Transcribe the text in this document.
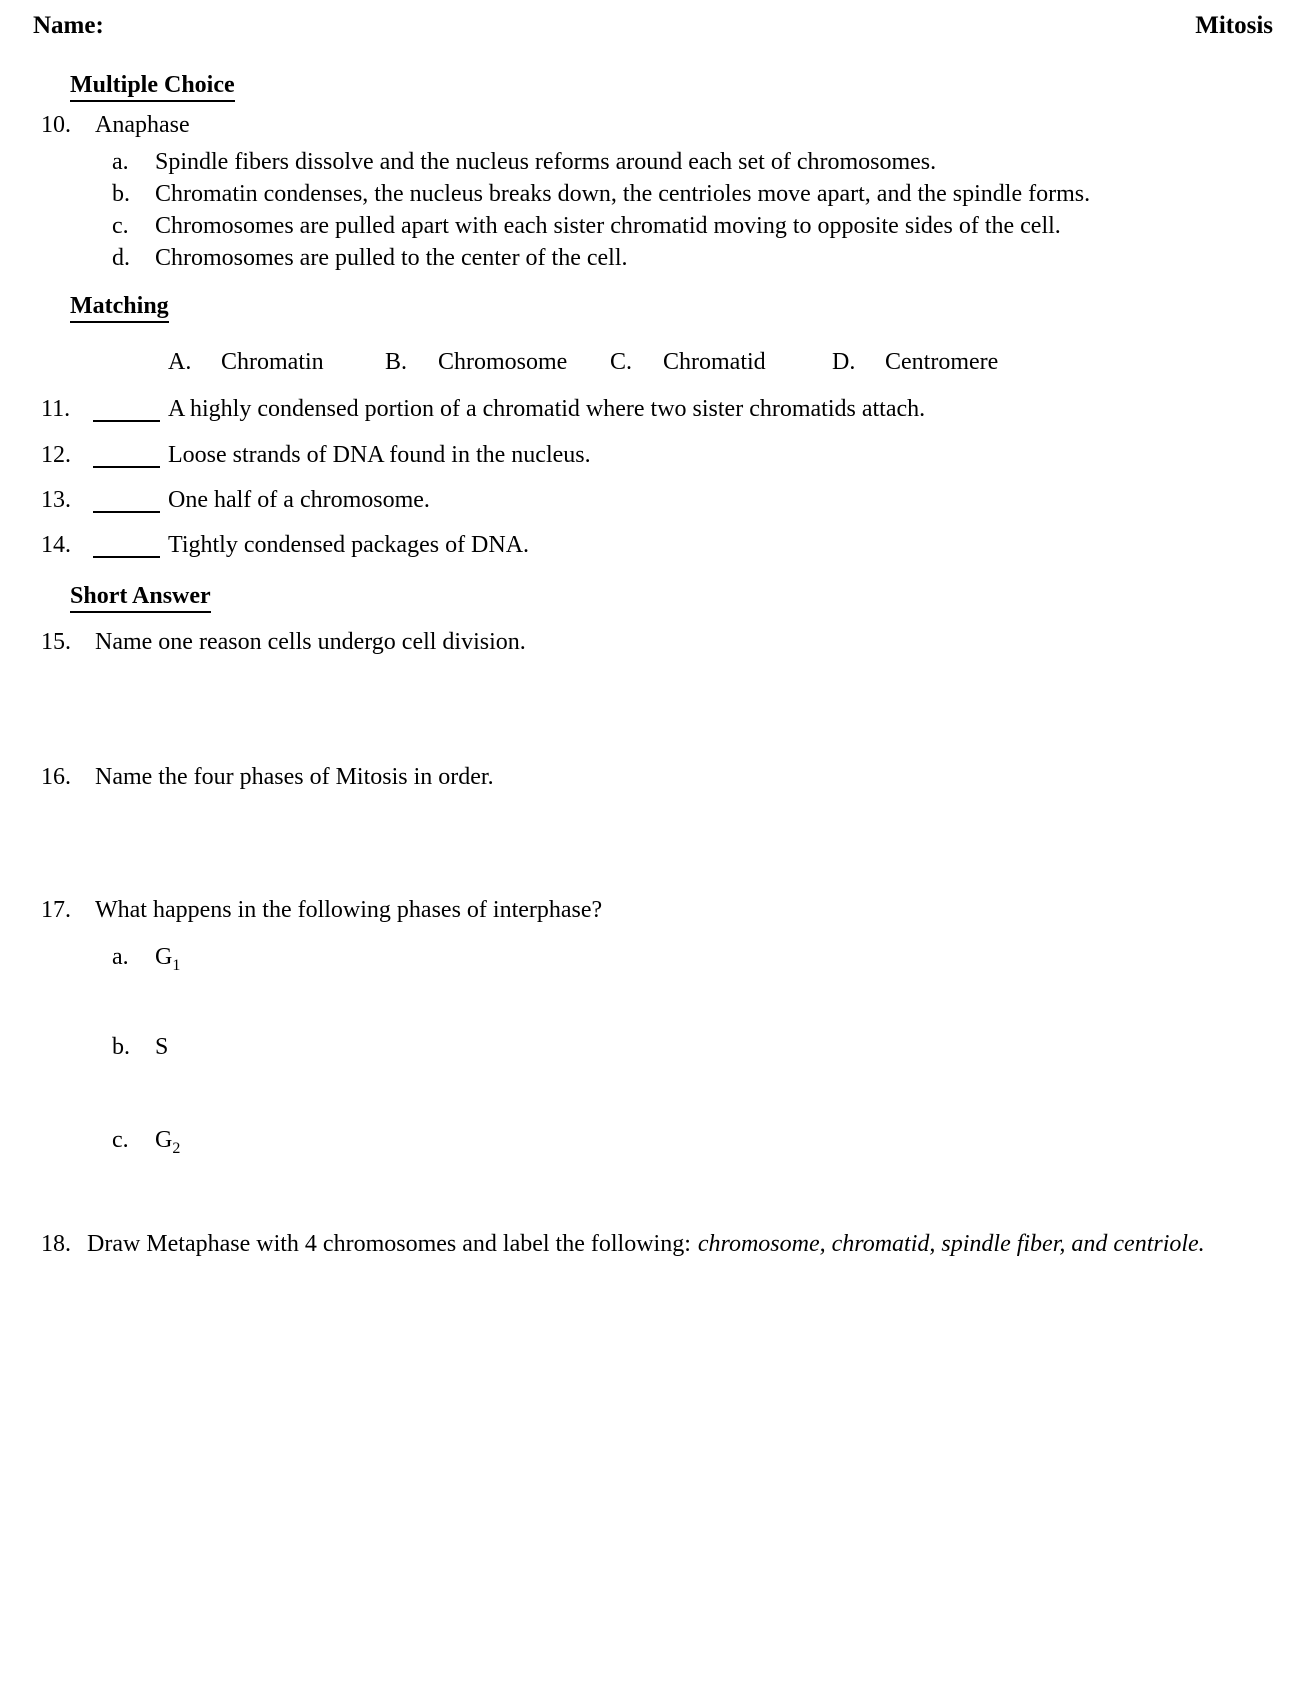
Name:	Mitosis
Multiple Choice
10. Anaphase
a. Spindle fibers dissolve and the nucleus reforms around each set of chromosomes.
b. Chromatin condenses, the nucleus breaks down, the centrioles move apart, and the spindle forms.
c. Chromosomes are pulled apart with each sister chromatid moving to opposite sides of the cell.
d. Chromosomes are pulled to the center of the cell.
Matching
A. Chromatin	B. Chromosome C. Chromatid	D. Centromere
11.	A highly condensed portion of a chromatid where two sister chromatids attach.
12.	Loose strands of DNA found in the nucleus.
13.	One half of a chromosome.
14.	Tightly condensed packages of DNA.
Short Answer
15. Name one reason cells undergo cell division.
16. Name the four phases of Mitosis in order.
17. What happens in the following phases of interphase?
a. $G_1$
b. S
c. $G_2$
18. Draw Metaphase with 4 chromosomes and label the following: chromosome, chromatid, spindle fiber, and centriole.
